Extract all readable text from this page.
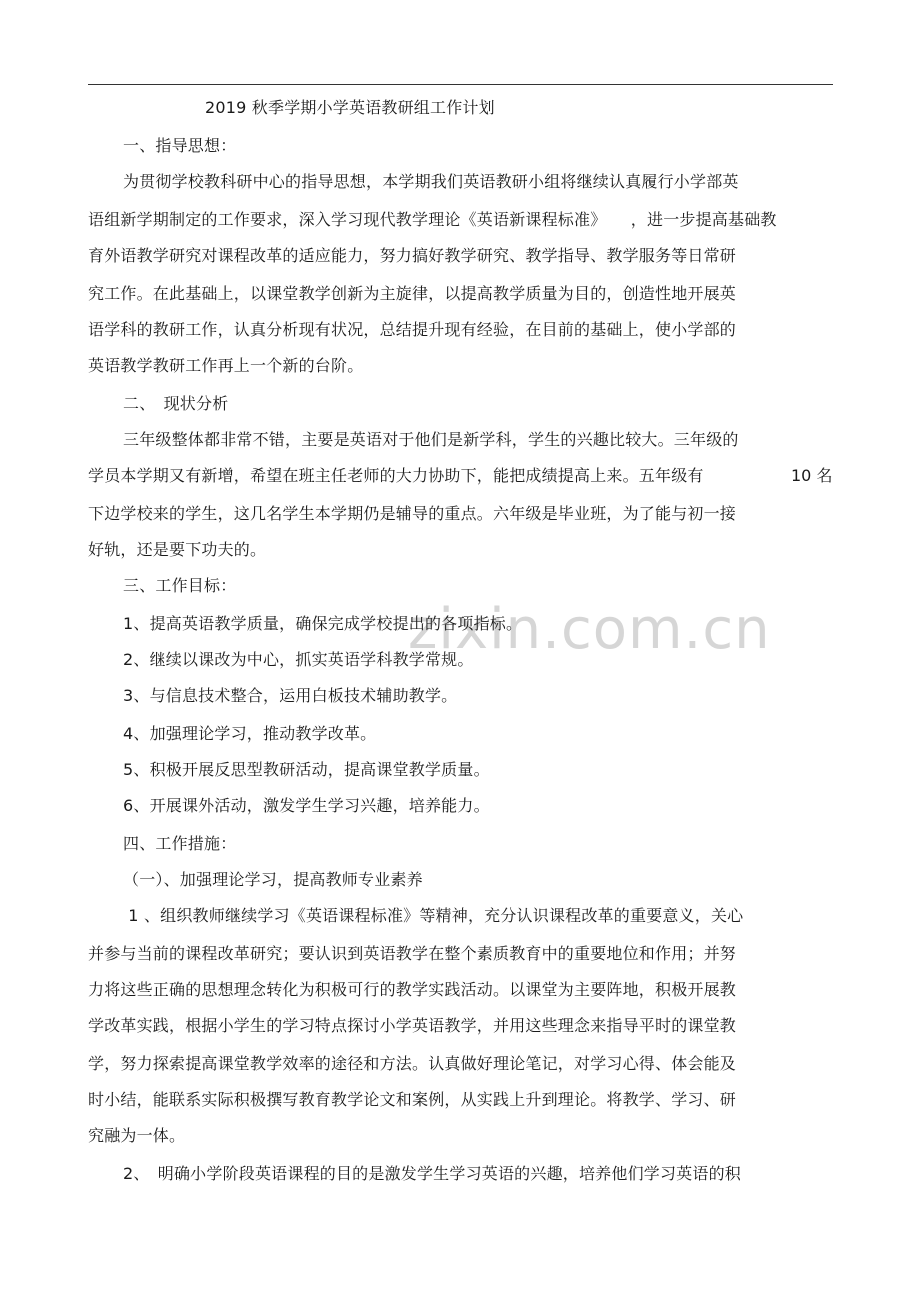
2019 秋季学期小学英语教研组工作计划
zixin.com.cn
一、指导思想：
为贯彻学校教科研中心的指导思想，本学期我们英语教研小组将继续认真履行小学部英
语组新学期制定的工作要求，深入学习现代教学理论《英语新课程标准》　　，进一步提高基础教
育外语教学研究对课程改革的适应能力，努力搞好教学研究、教学指导、教学服务等日常研
究工作。在此基础上，以课堂教学创新为主旋律，以提高教学质量为目的，创造性地开展英
语学科的教研工作，认真分析现有状况，总结提升现有经验，在目前的基础上，使小学部的
英语教学教研工作再上一个新的台阶。
二、　现状分析
三年级整体都非常不错，主要是英语对于他们是新学科，学生的兴趣比较大。三年级的
学员本学期又有新增，希望在班主任老师的大力协助下，能把成绩提高上来。五年级有	10 名
下边学校来的学生，这几名学生本学期仍是辅导的重点。六年级是毕业班，为了能与初一接
好轨，还是要下功夫的。
三、工作目标：
1、提高英语教学质量，确保完成学校提出的各项指标。
2、继续以课改为中心，抓实英语学科教学常规。
3、与信息技术整合，运用白板技术辅助教学。
4、加强理论学习，推动教学改革。
5、积极开展反思型教研活动，提高课堂教学质量。
6、开展课外活动，激发学生学习兴趣，培养能力。
四、工作措施：
（一）、加强理论学习，提高教师专业素养
1 、组织教师继续学习《英语课程标准》等精神，充分认识课程改革的重要意义，关心
并参与当前的课程改革研究；要认识到英语教学在整个素质教育中的重要地位和作用；并努
力将这些正确的思想理念转化为积极可行的教学实践活动。以课堂为主要阵地，积极开展教
学改革实践，根据小学生的学习特点探讨小学英语教学，并用这些理念来指导平时的课堂教
学，努力探索提高课堂教学效率的途径和方法。认真做好理论笔记，对学习心得、体会能及
时小结，能联系实际积极撰写教育教学论文和案例，从实践上升到理论。将教学、学习、研
究融为一体。
2、　明确小学阶段英语课程的目的是激发学生学习英语的兴趣，培养他们学习英语的积
